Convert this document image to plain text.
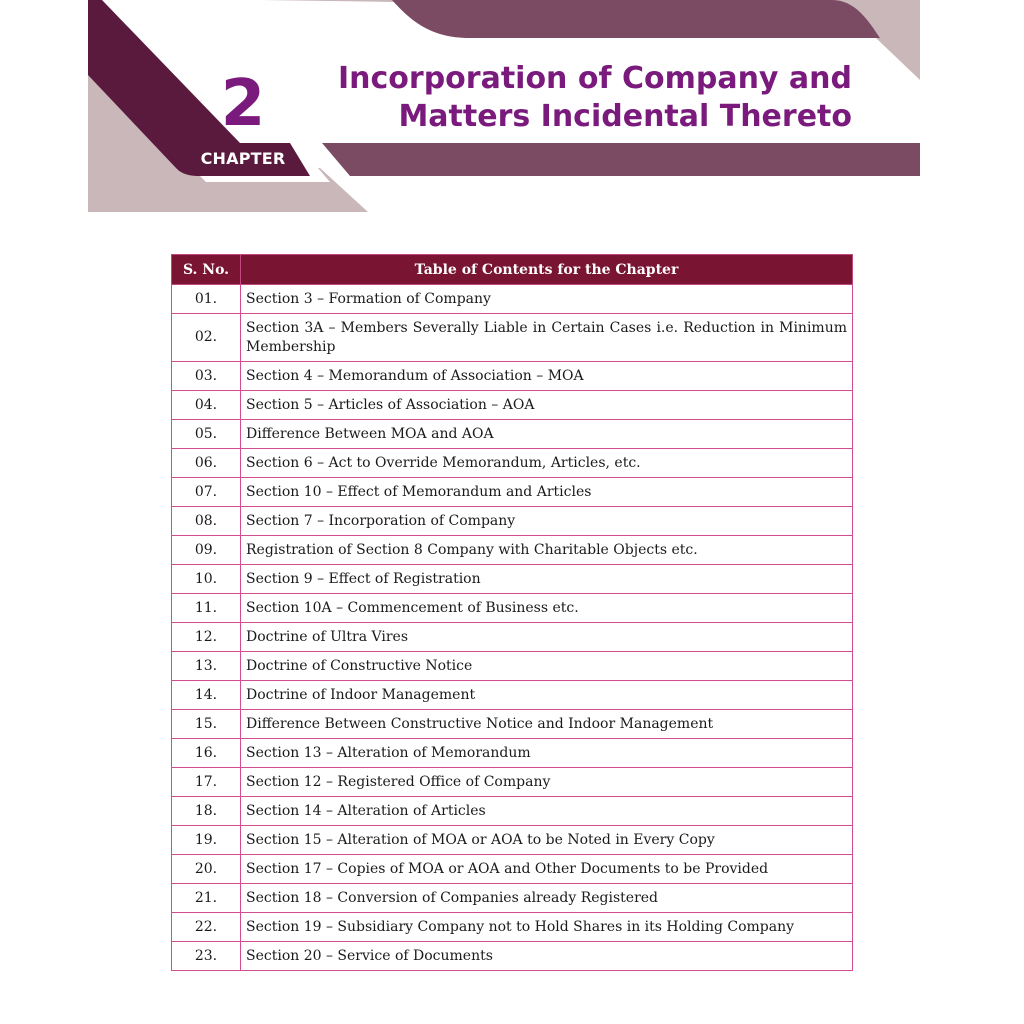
2
CHAPTER
Incorporation of Company and
Matters Incidental Thereto
S. No.	Table of Contents for the Chapter
01.	Section 3 – Formation of Company
02.	Section 3A – Members Severally Liable in Certain Cases i.e. Reduction in Minimum Membership
03.	Section 4 – Memorandum of Association – MOA
04.	Section 5 – Articles of Association – AOA
05.	Difference Between MOA and AOA
06.	Section 6 – Act to Override Memorandum, Articles, etc.
07.	Section 10 – Effect of Memorandum and Articles
08.	Section 7 – Incorporation of Company
09.	Registration of Section 8 Company with Charitable Objects etc.
10.	Section 9 – Effect of Registration
11.	Section 10A – Commencement of Business etc.
12.	Doctrine of Ultra Vires
13.	Doctrine of Constructive Notice
14.	Doctrine of Indoor Management
15.	Difference Between Constructive Notice and Indoor Management
16.	Section 13 – Alteration of Memorandum
17.	Section 12 – Registered Office of Company
18.	Section 14 – Alteration of Articles
19.	Section 15 – Alteration of MOA or AOA to be Noted in Every Copy
20.	Section 17 – Copies of MOA or AOA and Other Documents to be Provided
21.	Section 18 – Conversion of Companies already Registered
22.	Section 19 – Subsidiary Company not to Hold Shares in its Holding Company
23.	Section 20 – Service of Documents
